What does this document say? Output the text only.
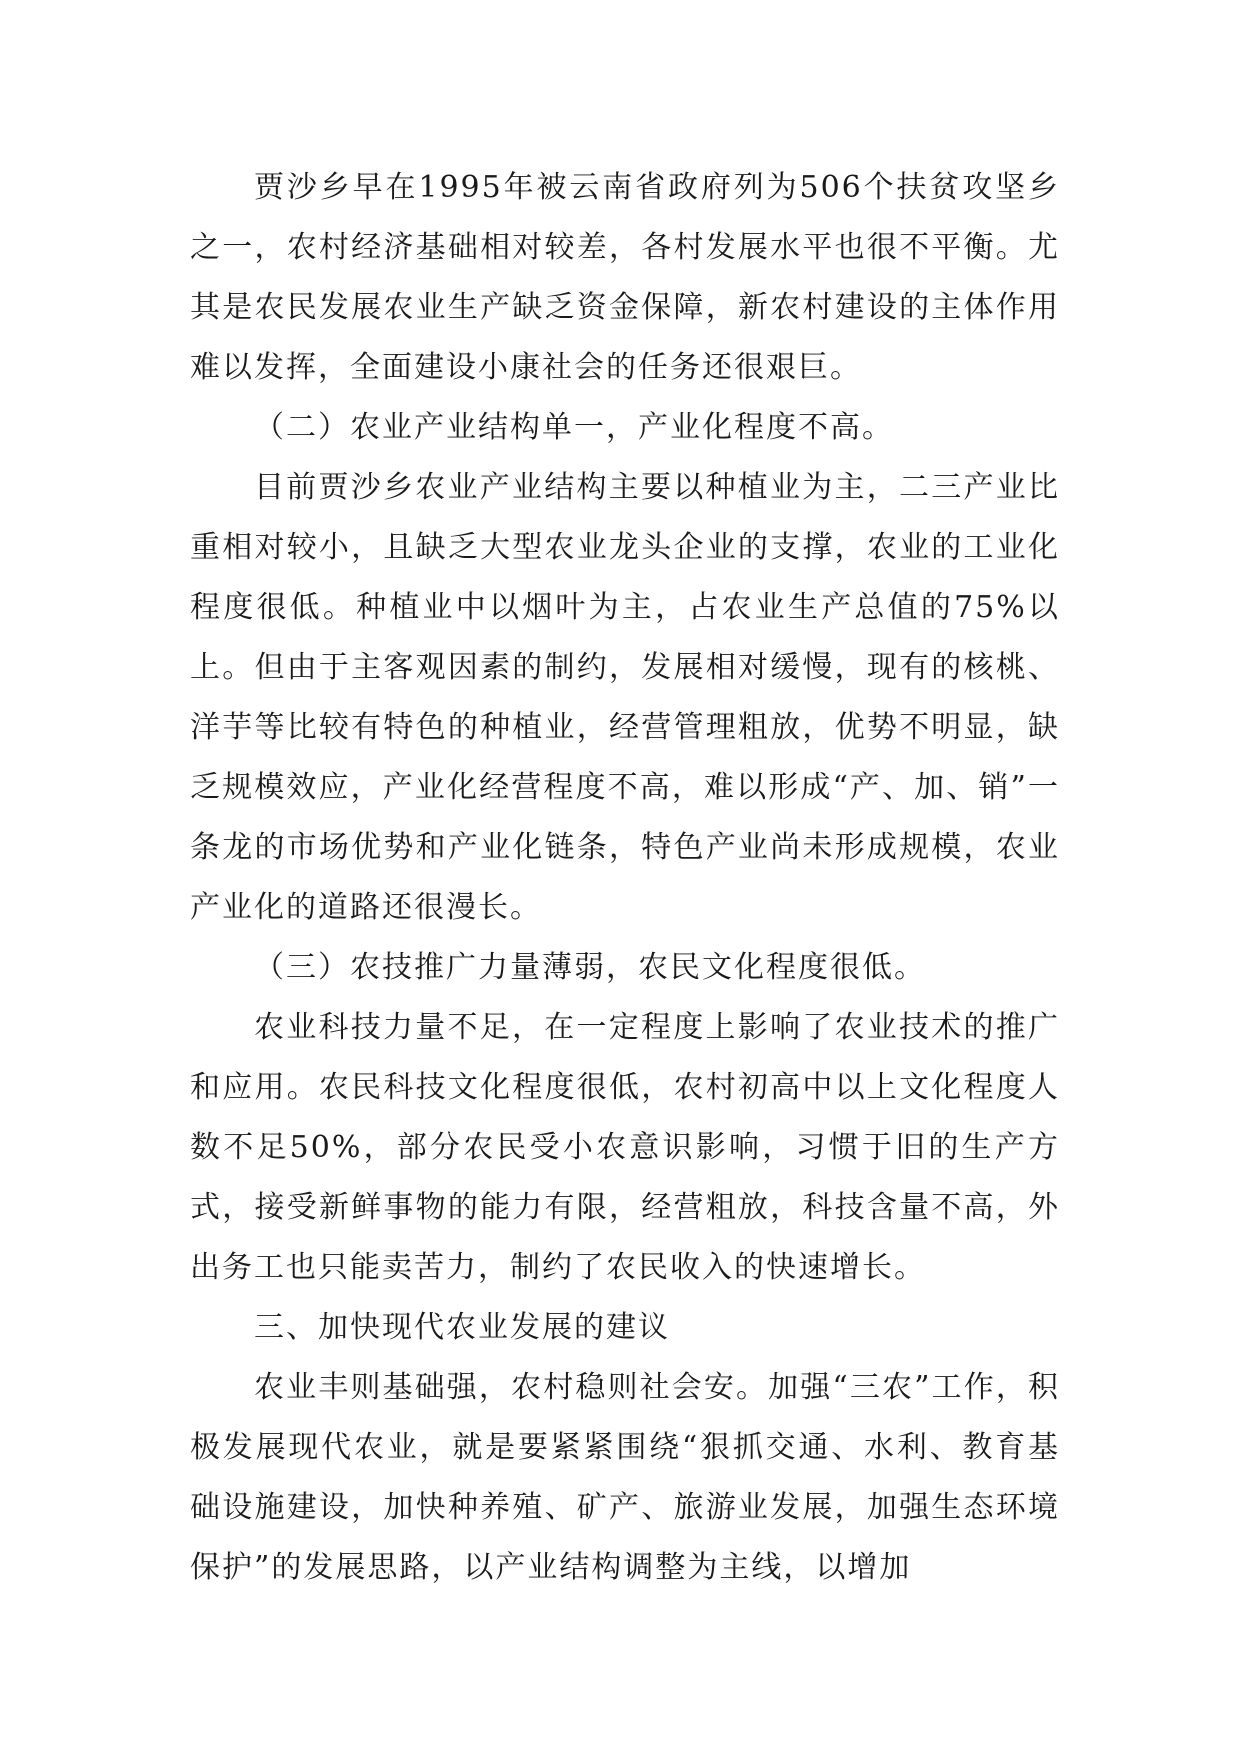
贾沙乡早在1995年被云南省政府列为506个扶贫攻坚乡之一，农村经济基础相对较差，各村发展水平也很不平衡。尤其是农民发展农业生产缺乏资金保障，新农村建设的主体作用难以发挥，全面建设小康社会的任务还很艰巨。

（二）农业产业结构单一，产业化程度不高。

目前贾沙乡农业产业结构主要以种植业为主，二三产业比重相对较小，且缺乏大型农业龙头企业的支撑，农业的工业化程度很低。种植业中以烟叶为主，占农业生产总值的75%以上。但由于主客观因素的制约，发展相对缓慢，现有的核桃、洋芋等比较有特色的种植业，经营管理粗放，优势不明显，缺乏规模效应，产业化经营程度不高，难以形成“产、加、销”一条龙的市场优势和产业化链条，特色产业尚未形成规模，农业产业化的道路还很漫长。

（三）农技推广力量薄弱，农民文化程度很低。

农业科技力量不足，在一定程度上影响了农业技术的推广和应用。农民科技文化程度很低，农村初高中以上文化程度人数不足50%，部分农民受小农意识影响，习惯于旧的生产方式，接受新鲜事物的能力有限，经营粗放，科技含量不高，外出务工也只能卖苦力，制约了农民收入的快速增长。

三、加快现代农业发展的建议

农业丰则基础强，农村稳则社会安。加强“三农”工作，积极发展现代农业，就是要紧紧围绕“狠抓交通、水利、教育基础设施建设，加快种养殖、矿产、旅游业发展，加强生态环境保护”的发展思路，以产业结构调整为主线，以增加
